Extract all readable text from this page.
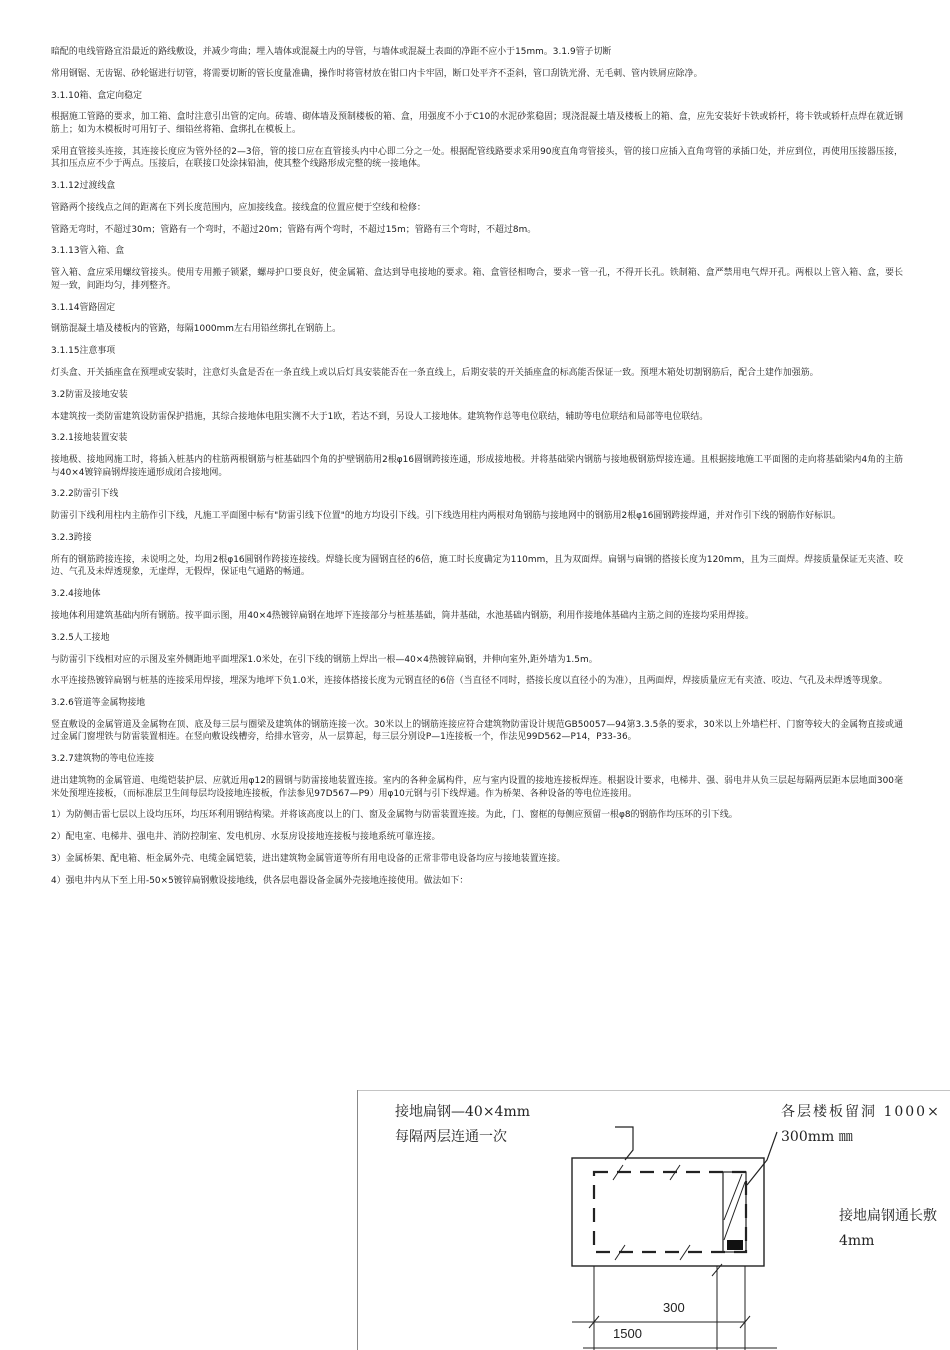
暗配的电线管路宜沿最近的路线敷设，并减少弯曲；埋入墙体或混凝土内的导管，与墙体或混凝土表面的净距不应小于15mm。3.1.9管子切断

常用钢锯、无齿锯、砂轮锯进行切管，将需要切断的管长度量准确，操作时将管材放在钳口内卡牢固，断口处平齐不歪斜，管口刮铣光滑、无毛刺、管内铁屑应除净。

3.1.10箱、盒定向稳定

根据施工管路的要求，加工箱、盒时注意引出管的定向。砖墙、砌体墙及预制楼板的箱、盒，用强度不小于C10的水泥砂浆稳固；现浇混凝土墙及楼板上的箱、盒，应先安装好卡铁或轿杆，将卡铁或轿杆点焊在就近钢筋上；如为木模板时可用钉子、细铅丝将箱、盒绑扎在模板上。

采用直管接头连接，其连接长度应为管外径的2—3倍，管的接口应在直管接头内中心即二分之一处。根据配管线路要求采用90度直角弯管接头，管的接口应插入直角弯管的承插口处，并应到位，再使用压接器压接，其扣压点应不少于两点。压接后，在联接口处涂抹铅油，使其整个线路形成完整的统一接地体。

3.1.12过渡线盒

管路两个接线点之间的距离在下列长度范围内，应加接线盒。接线盒的位置应便于空线和检修：

管路无弯时，不超过30m；管路有一个弯时，不超过20m；管路有两个弯时，不超过15m；管路有三个弯时，不超过8m。

3.1.13管入箱、盒

管入箱、盒应采用螺纹管接头。使用专用搬子锁紧，螺母护口要良好，使金属箱、盒达到导电接地的要求。箱、盒管径相吻合，要求一管一孔，不得开长孔。铁制箱、盒严禁用电气焊开孔。两根以上管入箱、盒，要长短一致，间距均匀，排列整齐。

3.1.14管路固定

钢筋混凝土墙及楼板内的管路，每隔1000mm左右用铅丝绑扎在钢筋上。

3.1.15注意事项

灯头盒、开关插座盒在预埋或安装时，注意灯头盒是否在一条直线上或以后灯具安装能否在一条直线上，后期安装的开关插座盒的标高能否保证一致。预埋木箱处切割钢筋后，配合土建作加强筋。

3.2防雷及接地安装

本建筑按一类防雷建筑设防雷保护措施，其综合接地体电阻实测不大于1欧，若达不到，另设人工接地体。建筑物作总等电位联结，辅助等电位联结和局部等电位联结。

3.2.1接地装置安装

接地极、接地网施工时，将插入桩基内的柱筋两根钢筋与桩基础四个角的护壁钢筋用2根φ16圆钢跨接连通，形成接地极。并将基础梁内钢筋与接地极钢筋焊接连通。且根据接地施工平面图的走向将基础梁内4角的主筋与40×4镀锌扁钢焊接连通形成闭合接地网。

3.2.2防雷引下线

防雷引下线利用柱内主筋作引下线，凡施工平面图中标有"防雷引线下位置"的地方均设引下线。引下线选用柱内两根对角钢筋与接地网中的钢筋用2根φ16圆钢跨接焊通，并对作引下线的钢筋作好标识。

3.2.3跨接

所有的钢筋跨接连接，未说明之处，均用2根φ16圆钢作跨接连接线。焊缝长度为圆钢直径的6倍，施工时长度确定为110mm，且为双面焊。扁钢与扁钢的搭接长度为120mm，且为三面焊。焊接质量保证无夹渣、咬边、气孔及未焊透现象，无虚焊，无假焊，保证电气通路的畅通。

3.2.4接地体

接地体利用建筑基础内所有钢筋。按平面示图，用40×4热镀锌扁钢在地坪下连接部分与桩基基础，筒井基础，水池基础内钢筋，利用作接地体基础内主筋之间的连接均采用焊接。

3.2.5人工接地

与防雷引下线相对应的示图及室外侧距地平面埋深1.0米处，在引下线的钢筋上焊出一根—40×4热镀锌扁钢，并伸向室外,距外墙为1.5m。

水平连接热镀锌扁钢与桩基的连接采用焊接，埋深为地坪下负1.0米，连接体搭接长度为元钢直径的6倍（当直径不同时，搭接长度以直径小的为准），且两面焊，焊接质量应无有夹渣、咬边、气孔及未焊透等现象。

3.2.6管道等金属物接地

竖直敷设的金属管道及金属物在顶、底及每三层与圈梁及建筑体的钢筋连接一次。30米以上的钢筋连接应符合建筑物防雷设计规范GB50057—94第3.3.5条的要求，30米以上外墙栏杆、门窗等较大的金属物直接或通过金属门窗埋铁与防雷装置相连。在竖向敷设线槽旁，给排水管旁，从一层算起，每三层分别设P—1连接板一个，作法见99D562—P14，P33-36。

3.2.7建筑物的等电位连接

进出建筑物的金属管道、电缆铠装护层、应就近用φ12的圆钢与防雷接地装置连接。室内的各种金属构件，应与室内设置的接地连接板焊连。根据设计要求，电梯井、强、弱电井从负三层起每隔两层距本层地面300毫米处预埋连接板，（而标准层卫生间每层均设接地连接板，作法参见97D567—P9）用φ10元钢与引下线焊通。作为桥架、各种设备的等电位连接用。

1）为防侧击雷七层以上设均压环，均压环利用钢结构梁。并将该高度以上的门、窗及金属物与防雷装置连接。为此，门、窗框的每侧应预留一根φ8的钢筋作均压环的引下线。

2）配电室、电梯井、强电井、消防控制室、发电机房、水泵房设接地连接板与接地系统可靠连接。

3）金属桥架、配电箱、柜金属外壳、电缆金属铠装，进出建筑物金属管道等所有用电设备的正常非带电设备均应与接地装置连接。

4）强电井内从下至上用-50×5镀锌扁钢敷设接地线，供各层电器设备金属外壳接地连接使用。做法如下：

接地扁钢—40×4mm
每隔两层连通一次
各层楼板留洞 1000×
300mm ㎜
接地扁钢通长敷
4mm
300
1500
